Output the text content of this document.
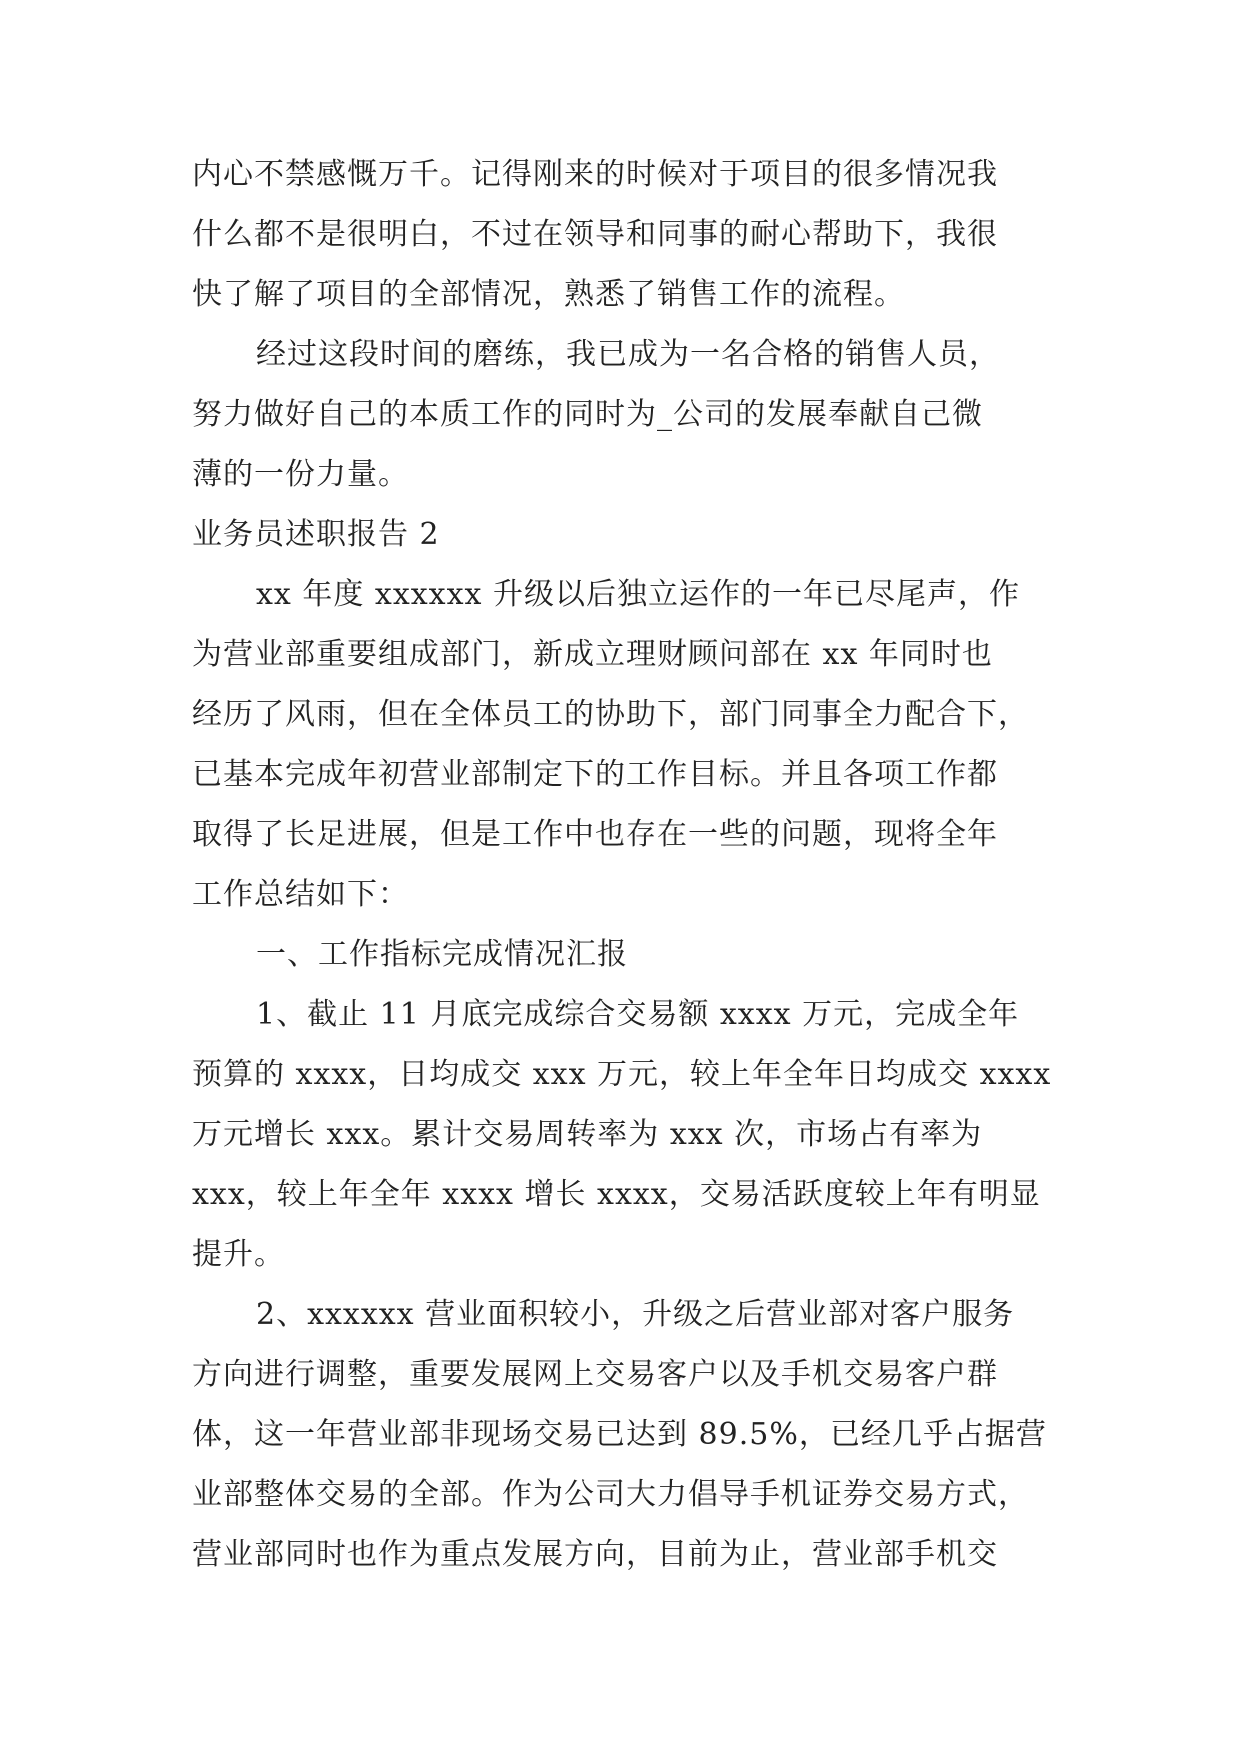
内心不禁感慨万千。记得刚来的时候对于项目的很多情况我
什么都不是很明白，不过在领导和同事的耐心帮助下，我很
快了解了项目的全部情况，熟悉了销售工作的流程。
经过这段时间的磨练，我已成为一名合格的销售人员，
努力做好自己的本质工作的同时为_公司的发展奉献自己微
薄的一份力量。
业务员述职报告 2
xx 年度 xxxxxx 升级以后独立运作的一年已尽尾声，作
为营业部重要组成部门，新成立理财顾问部在 xx 年同时也
经历了风雨，但在全体员工的协助下，部门同事全力配合下，
已基本完成年初营业部制定下的工作目标。并且各项工作都
取得了长足进展，但是工作中也存在一些的问题，现将全年
工作总结如下：
一、工作指标完成情况汇报
1、截止 11 月底完成综合交易额 xxxx 万元，完成全年
预算的 xxxx，日均成交 xxx 万元，较上年全年日均成交 xxxx
万元增长 xxx。累计交易周转率为 xxx 次，市场占有率为
xxx，较上年全年 xxxx 增长 xxxx，交易活跃度较上年有明显
提升。
2、xxxxxx 营业面积较小，升级之后营业部对客户服务
方向进行调整，重要发展网上交易客户以及手机交易客户群
体，这一年营业部非现场交易已达到 89.5%，已经几乎占据营
业部整体交易的全部。作为公司大力倡导手机证券交易方式，
营业部同时也作为重点发展方向，目前为止，营业部手机交
